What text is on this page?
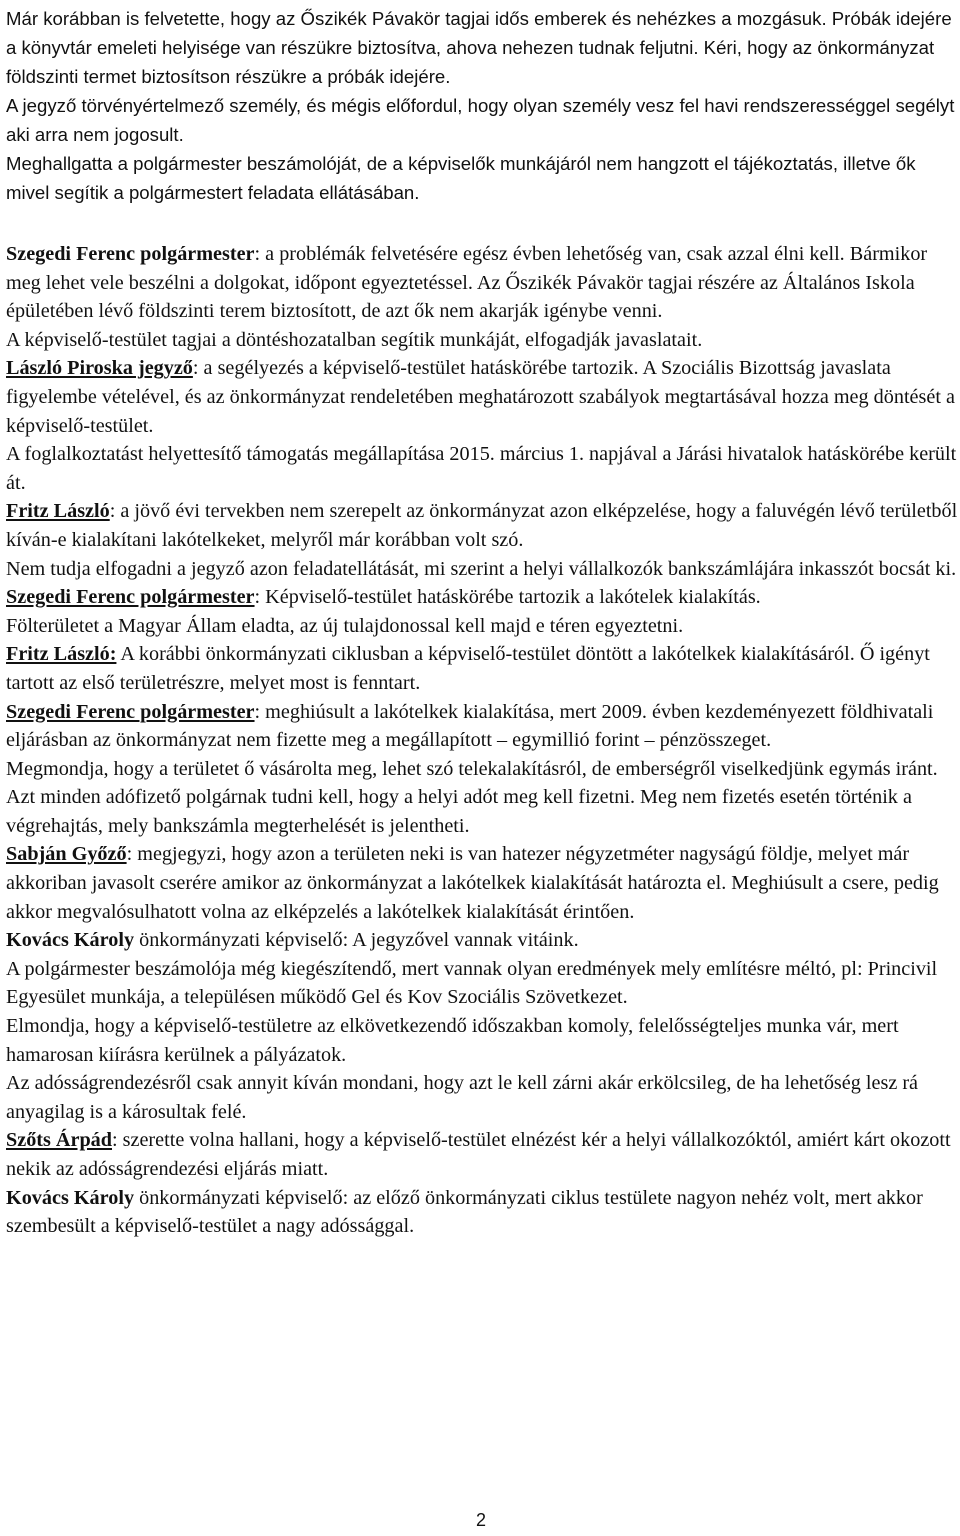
Már korábban is felvetette, hogy az Őszikék Pávakör tagjai idős emberek és nehézkes a mozgásuk. Próbák idejére a könyvtár emeleti helyisége van részükre biztosítva, ahova nehezen tudnak feljutni. Kéri, hogy az önkormányzat földszinti termet biztosítson részükre a próbák idejére.

A jegyző törvényértelmező személy, és mégis előfordul, hogy olyan személy vesz fel havi rendszerességgel segélyt aki arra nem jogosult.

Meghallgatta a polgármester beszámolóját, de a képviselők munkájáról nem hangzott el tájékoztatás, illetve ők mivel segítik a polgármestert feladata ellátásában.

Szegedi Ferenc polgármester: a problémák felvetésére egész évben lehetőség van, csak azzal élni kell. Bármikor meg lehet vele beszélni a dolgokat, időpont egyeztetéssel. Az Őszikék Pávakör tagjai részére az Általános Iskola épületében lévő földszinti terem biztosított, de azt ők nem akarják igénybe venni.

A képviselő-testület tagjai a döntéshozatalban segítik munkáját, elfogadják javaslatait.

László Piroska jegyző: a segélyezés a képviselő-testület hatáskörébe tartozik. A Szociális Bizottság javaslata figyelembe vételével, és az önkormányzat rendeletében meghatározott szabályok megtartásával hozza meg döntését a képviselő-testület.

A foglalkoztatást helyettesítő támogatás megállapítása 2015. március 1. napjával a Járási hivatalok hatáskörébe került át.

Fritz László: a jövő évi tervekben nem szerepelt az önkormányzat azon elképzelése, hogy a faluvégén lévő területből kíván-e kialakítani lakótelkeket, melyről már korábban volt szó.

Nem tudja elfogadni a jegyző azon feladatellátását, mi szerint a helyi vállalkozók bankszámlájára inkasszót bocsát ki.

Szegedi Ferenc polgármester: Képviselő-testület hatáskörébe tartozik a lakótelek kialakítás.

Fölterületet a Magyar Állam eladta, az új tulajdonossal kell majd e téren egyeztetni.

Fritz László: A korábbi önkormányzati ciklusban a képviselő-testület döntött a lakótelkek kialakításáról. Ő igényt tartott az első területrészre, melyet most is fenntart.

Szegedi Ferenc polgármester: meghiúsult a lakótelkek kialakítása, mert 2009. évben kezdeményezett földhivatali eljárásban az önkormányzat nem fizette meg a megállapított – egymillió forint – pénzösszeget.

Megmondja, hogy a területet ő vásárolta meg, lehet szó telekalakításról, de emberségről viselkedjünk egymás iránt.

Azt minden adófizető polgárnak tudni kell, hogy a helyi adót meg kell fizetni. Meg nem fizetés esetén történik a végrehajtás, mely bankszámla megterhelését is jelentheti.

Sabján Győző: megjegyzi, hogy azon a területen neki is van hatezer négyzetméter nagyságú földje, melyet már akkoriban javasolt cserére amikor az önkormányzat a lakótelkek kialakítását határozta el. Meghiúsult a csere, pedig akkor megvalósulhatott volna az elképzelés a lakótelkek kialakítását érintően.

Kovács Károly önkormányzati képviselő: A jegyzővel vannak vitáink.

A polgármester beszámolója még kiegészítendő, mert vannak olyan eredmények mely említésre méltó, pl: Princivil Egyesület munkája, a településen működő Gel és Kov Szociális Szövetkezet.

Elmondja, hogy a képviselő-testületre az elkövetkezendő időszakban komoly, felelősségteljes munka vár, mert hamarosan kiírásra kerülnek a pályázatok.

Az adósságrendezésről csak annyit kíván mondani, hogy azt le kell zárni akár erkölcsileg, de ha lehetőség lesz rá anyagilag is a károsultak felé.

Szőts Árpád: szerette volna hallani, hogy a képviselő-testület elnézést kér a helyi vállalkozóktól, amiért kárt okozott nekik az adósságrendezési eljárás miatt.

Kovács Károly önkormányzati képviselő: az előző önkormányzati ciklus testülete nagyon nehéz volt, mert akkor szembesült a képviselő-testület a nagy adóssággal.

2
